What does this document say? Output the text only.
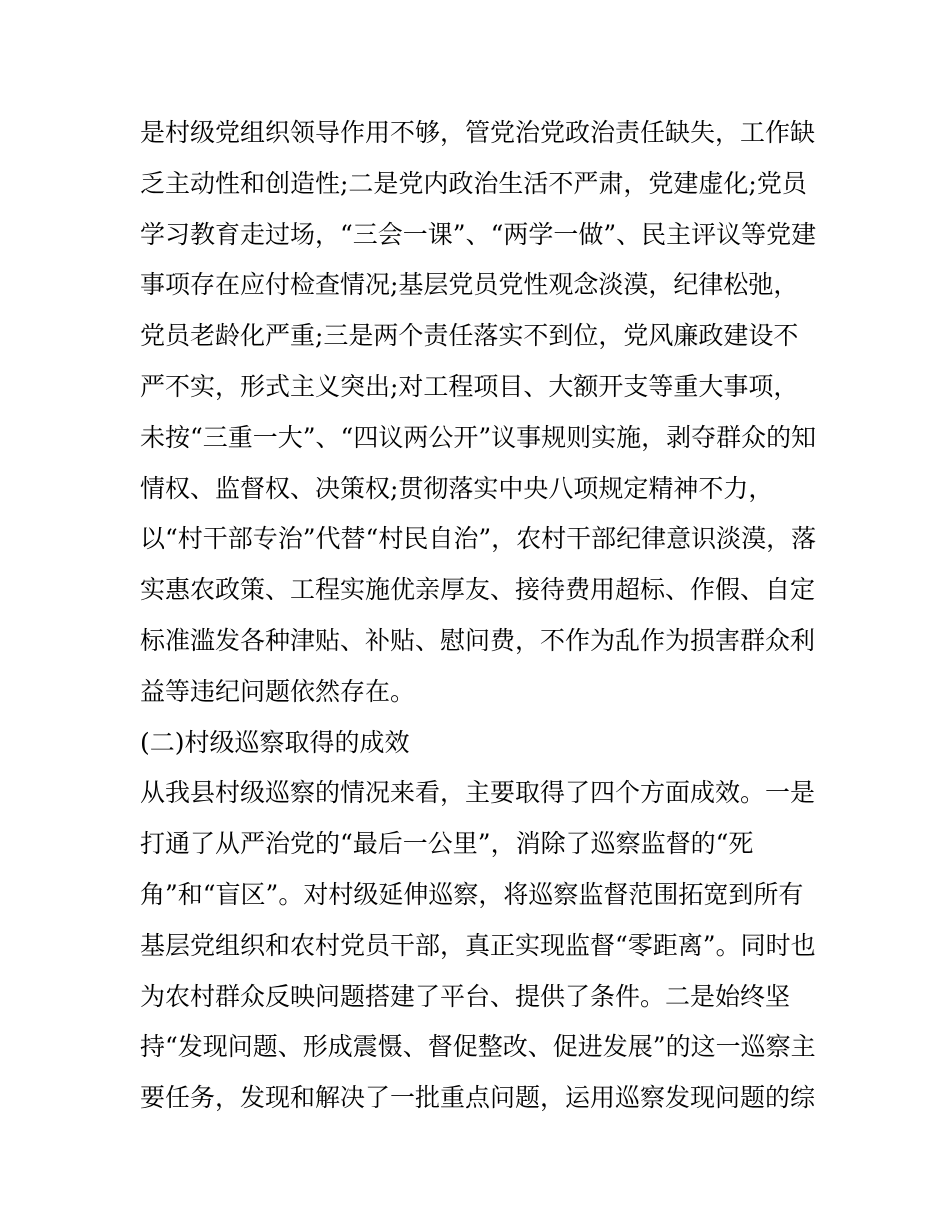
是村级党组织领导作用不够，管党治党政治责任缺失，工作缺
乏主动性和创造性;二是党内政治生活不严肃，党建虚化;党员
学习教育走过场，“三会一课”、“两学一做”、民主评议等党建
事项存在应付检查情况;基层党员党性观念淡漠，纪律松弛，
党员老龄化严重;三是两个责任落实不到位，党风廉政建设不
严不实，形式主义突出;对工程项目、大额开支等重大事项，
未按“三重一大”、“四议两公开”议事规则实施，剥夺群众的知
情权、监督权、决策权;贯彻落实中央八项规定精神不力，
以“村干部专治”代替“村民自治”，农村干部纪律意识淡漠，落
实惠农政策、工程实施优亲厚友、接待费用超标、作假、自定
标准滥发各种津贴、补贴、慰问费，不作为乱作为损害群众利
益等违纪问题依然存在。
(二)村级巡察取得的成效
从我县村级巡察的情况来看，主要取得了四个方面成效。一是
打通了从严治党的“最后一公里”，消除了巡察监督的“死
角”和“盲区”。对村级延伸巡察，将巡察监督范围拓宽到所有
基层党组织和农村党员干部，真正实现监督“零距离”。同时也
为农村群众反映问题搭建了平台、提供了条件。二是始终坚
持“发现问题、形成震慑、督促整改、促进发展”的这一巡察主
要任务，发现和解决了一批重点问题，运用巡察发现问题的综
